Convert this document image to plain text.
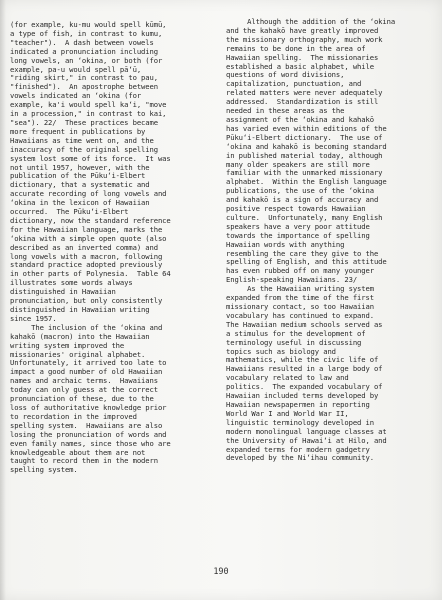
(for example, ku-mu would spell kūmū,
a type of fish, in contrast to kumu,
"teacher").  A dash between vowels
indicated a pronunciation including
long vowels, an ʻokina, or both (for
example, pa-u would spell pāʻū,
"riding skirt," in contrast to pau,
"finished").  An apostrophe between
vowels indicated an ʻokina (for
example, ka'i would spell kaʻi, "move
in a procession," in contrast to kai,
"sea"). 22/  These practices became
more frequent in publications by
Hawaiians as time went on, and the
inaccuracy of the original spelling
system lost some of its force.  It was
not until 1957, however, with the
publication of the Pūkuʻi-Elbert
dictionary, that a systematic and
accurate recording of long vowels and
ʻokina in the lexicon of Hawaiian
occurred.  The Pūkuʻi-Elbert
dictionary, now the standard reference
for the Hawaiian language, marks the
ʻokina with a simple open quote (also
described as an inverted comma) and
long vowels with a macron, following
standard practice adopted previously
in other parts of Polynesia.  Table 64
illustrates some words always
distinguished in Hawaiian
pronunciation, but only consistently
distinguished in Hawaiian writing
since 1957.
The inclusion of the ʻokina and
kahakō (macron) into the Hawaiian
writing system improved the
missionaries' original alphabet.
Unfortunately, it arrived too late to
impact a good number of old Hawaiian
names and archaic terms.  Hawaiians
today can only guess at the correct
pronunciation of these, due to the
loss of authoritative knowledge prior
to recordation in the improved
spelling system.  Hawaiians are also
losing the pronunciation of words and
even family names, since those who are
knowledgeable about them are not
taught to record them in the modern
spelling system.
Although the addition of the ʻokina
and the kahakō have greatly improved
the missionary orthography, much work
remains to be done in the area of
Hawaiian spelling.  The missionaries
established a basic alphabet, while
questions of word divisions,
capitalization, punctuation, and
related matters were never adequately
addressed.  Standardization is still
needed in these areas as the
assignment of the ʻokina and kahakō
has varied even within editions of the
Pūkuʻi-Elbert dictionary.  The use of
ʻokina and kahakō is becoming standard
in published material today, although
many older speakers are still more
familiar with the unmarked missionary
alphabet.  Within the English language
publications, the use of the ʻokina
and kahakō is a sign of accuracy and
positive respect towards Hawaiian
culture.  Unfortunately, many English
speakers have a very poor attitude
towards the importance of spelling
Hawaiian words with anything
resembling the care they give to the
spelling of English, and this attitude
has even rubbed off on many younger
English-speaking Hawaiians. 23/
As the Hawaiian writing system
expanded from the time of the first
missionary contact, so too Hawaiian
vocabulary has continued to expand.
The Hawaiian medium schools served as
a stimulus for the development of
terminology useful in discussing
topics such as biology and
mathematics, while the civic life of
Hawaiians resulted in a large body of
vocabulary related to law and
politics.  The expanded vocabulary of
Hawaiian included terms developed by
Hawaiian newspapermen in reporting
World War I and World War II,
linguistic terminology developed in
modern monolingual language classes at
the University of Hawaiʻi at Hilo, and
expanded terms for modern gadgetry
developed by the Niʻihau community.
190
